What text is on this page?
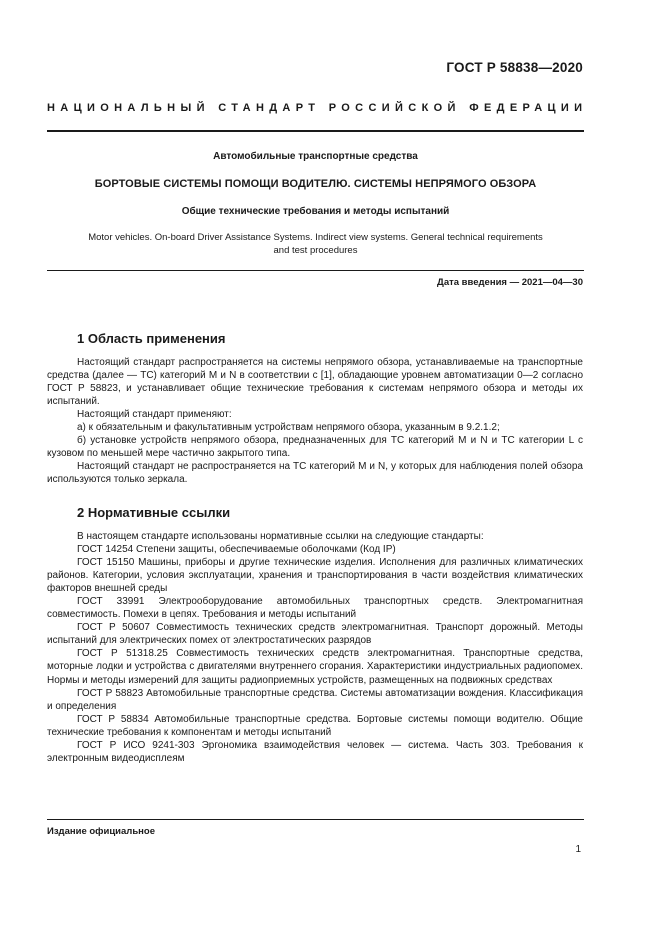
ГОСТ Р 58838—2020
НАЦИОНАЛЬНЫЙ СТАНДАРТ РОССИЙСКОЙ ФЕДЕРАЦИИ
Автомобильные транспортные средства
БОРТОВЫЕ СИСТЕМЫ ПОМОЩИ ВОДИТЕЛЮ. СИСТЕМЫ НЕПРЯМОГО ОБЗОРА
Общие технические требования и методы испытаний
Motor vehicles. On-board Driver Assistance Systems. Indirect view systems. General technical requirements
and test procedures
Дата введения — 2021—04—30
1 Область применения

Настоящий стандарт распространяется на системы непрямого обзора, устанавливаемые на транспортные средства (далее — ТС) категорий M и N в соответствии с [1], обладающие уровнем автоматизации 0—2 согласно ГОСТ Р 58823, и устанавливает общие технические требования к системам непрямого обзора и методы их испытаний.

Настоящий стандарт применяют:

а) к обязательным и факультативным устройствам непрямого обзора, указанным в 9.2.1.2;

б) установке устройств непрямого обзора, предназначенных для ТС категорий M и N и ТС категории L с кузовом по меньшей мере частично закрытого типа.

Настоящий стандарт не распространяется на ТС категорий M и N, у которых для наблюдения полей обзора используются только зеркала.

2 Нормативные ссылки

В настоящем стандарте использованы нормативные ссылки на следующие стандарты:

ГОСТ 14254 Степени защиты, обеспечиваемые оболочками (Код IP)

ГОСТ 15150 Машины, приборы и другие технические изделия. Исполнения для различных климатических районов. Категории, условия эксплуатации, хранения и транспортирования в части воздействия климатических факторов внешней среды

ГОСТ 33991 Электрооборудование автомобильных транспортных средств. Электромагнитная совместимость. Помехи в цепях. Требования и методы испытаний

ГОСТ Р 50607 Совместимость технических средств электромагнитная. Транспорт дорожный. Методы испытаний для электрических помех от электростатических разрядов

ГОСТ Р 51318.25 Совместимость технических средств электромагнитная. Транспортные средства, моторные лодки и устройства с двигателями внутреннего сгорания. Характеристики индустриальных радиопомех. Нормы и методы измерений для защиты радиоприемных устройств, размещенных на подвижных средствах

ГОСТ Р 58823 Автомобильные транспортные средства. Системы автоматизации вождения. Классификация и определения

ГОСТ Р 58834 Автомобильные транспортные средства. Бортовые системы помощи водителю. Общие технические требования к компонентам и методы испытаний

ГОСТ Р ИСО 9241-303 Эргономика взаимодействия человек — система. Часть 303. Требования к электронным видеодисплеям

Издание официальное
1
